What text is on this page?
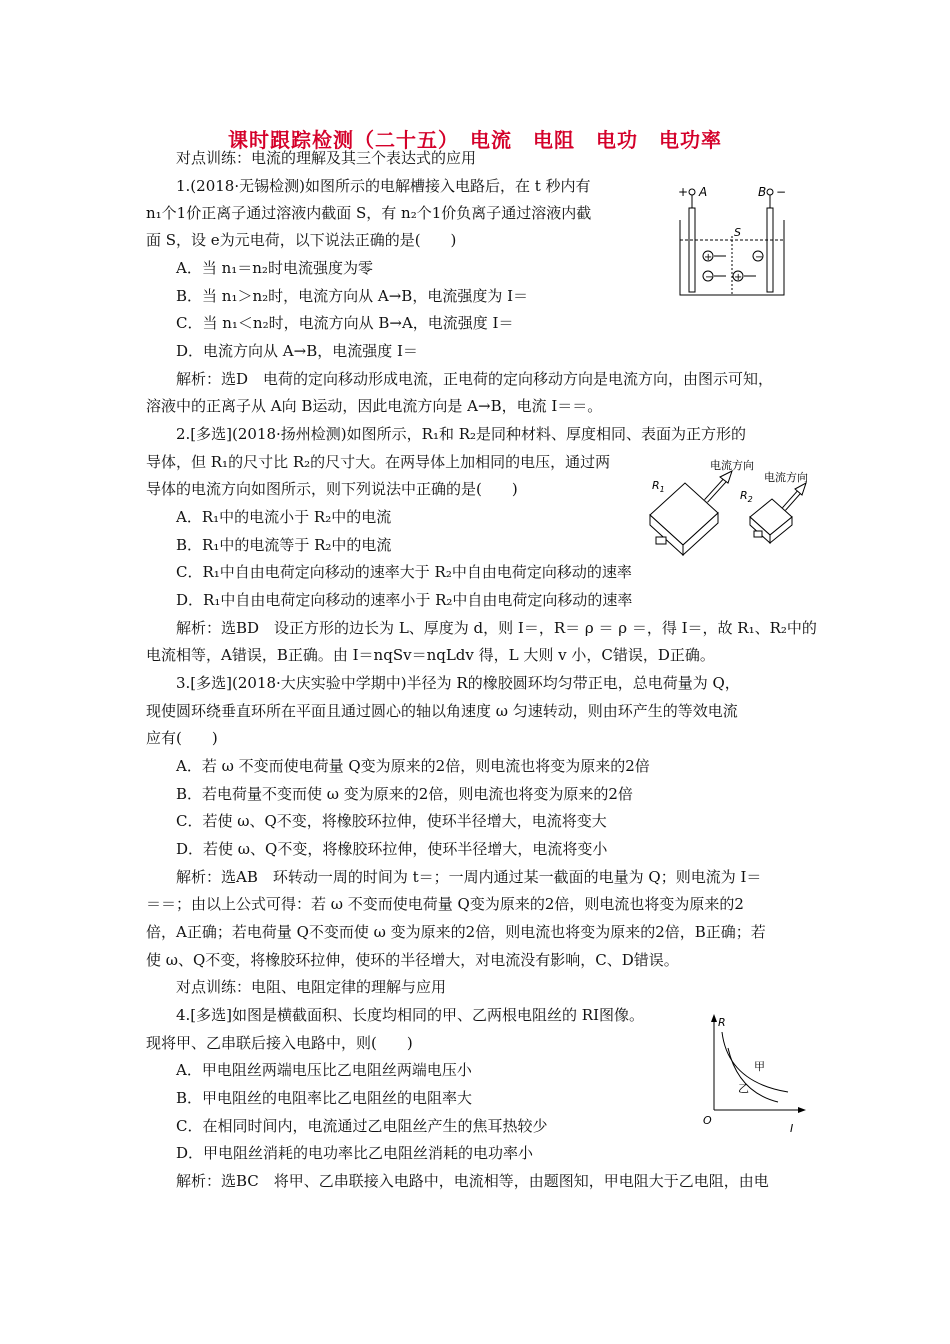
课时跟踪检测（二十五）　电流　电阻　电功　电功率
对点训练：电流的理解及其三个表达式的应用
1.(2018·无锡检测)如图所示的电解槽接入电路后，在 t 秒内有
n₁个1价正离子通过溶液内截面 S，有 n₂个1价负离子通过溶液内截
面 S，设 e为元电荷，以下说法正确的是(　　)
A．当 n₁＝n₂时电流强度为零
B．当 n₁＞n₂时，电流方向从 A→B，电流强度为 I＝
C．当 n₁＜n₂时，电流方向从 B→A，电流强度 I＝
D．电流方向从 A→B，电流强度 I＝
解析：选D　电荷的定向移动形成电流，正电荷的定向移动方向是电流方向，由图示可知，
溶液中的正离子从 A向 B运动，因此电流方向是 A→B，电流 I＝＝。
2.[多选](2018·扬州检测)如图所示，R₁和 R₂是同种材料、厚度相同、表面为正方形的
导体，但 R₁的尺寸比 R₂的尺寸大。在两导体上加相同的电压，通过两
导体的电流方向如图所示，则下列说法中正确的是(　　)
A．R₁中的电流小于 R₂中的电流
B．R₁中的电流等于 R₂中的电流
C．R₁中自由电荷定向移动的速率大于 R₂中自由电荷定向移动的速率
D．R₁中自由电荷定向移动的速率小于 R₂中自由电荷定向移动的速率
解析：选BD　设正方形的边长为 L、厚度为 d，则 I＝，R＝ ρ ＝ ρ ＝，得 I＝，故 R₁、R₂中的
电流相等，A错误，B正确。由 I＝nqSv＝nqLdv 得，L 大则 v 小，C错误，D正确。
3.[多选](2018·大庆实验中学期中)半径为 R的橡胶圆环均匀带正电，总电荷量为 Q，
现使圆环绕垂直环所在平面且通过圆心的轴以角速度 ω 匀速转动，则由环产生的等效电流
应有(　　)
A．若 ω 不变而使电荷量 Q变为原来的2倍，则电流也将变为原来的2倍
B．若电荷量不变而使 ω 变为原来的2倍，则电流也将变为原来的2倍
C．若使 ω、Q不变，将橡胶环拉伸，使环半径增大，电流将变大
D．若使 ω、Q不变，将橡胶环拉伸，使环半径增大，电流将变小
解析：选AB　环转动一周的时间为 t＝；一周内通过某一截面的电量为 Q；则电流为 I＝
＝＝；由以上公式可得：若 ω 不变而使电荷量 Q变为原来的2倍，则电流也将变为原来的2
倍，A正确；若电荷量 Q不变而使 ω 变为原来的2倍，则电流也将变为原来的2倍，B正确；若
使 ω、Q不变，将橡胶环拉伸，使环的半径增大，对电流没有影响，C、D错误。
对点训练：电阻、电阻定律的理解与应用
4.[多选]如图是横截面积、长度均相同的甲、乙两根电阻丝的 RI图像。
现将甲、乙串联后接入电路中，则(　　)
A．甲电阻丝两端电压比乙电阻丝两端电压小
B．甲电阻丝的电阻率比乙电阻丝的电阻率大
C．在相同时间内，电流通过乙电阻丝产生的焦耳热较少
D．甲电阻丝消耗的电功率比乙电阻丝消耗的电功率小
解析：选BC　将甲、乙串联接入电路中，电流相等，由题图知，甲电阻大于乙电阻，由电
+ A	B −
S
+	−
− +
电流方向
电流方向
$R_1$	$R_2$
R
I
O
甲
乙
